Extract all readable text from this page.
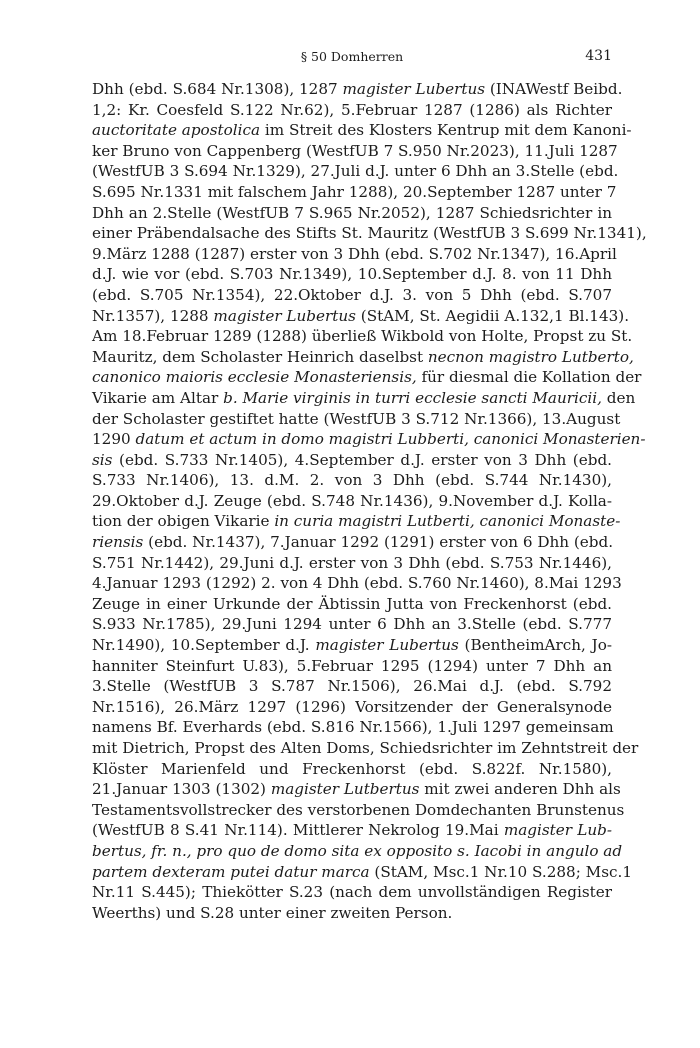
§ 50 Domherren	431
Dhh (ebd. S.684 Nr.1308), 1287 magister Lubertus (INAWestf Beibd.
1,2: Kr. Coesfeld S.122 Nr.62), 5.Februar 1287 (1286) als Richter
auctoritate apostolica im Streit des Klosters Kentrup mit dem Kanoni-
ker Bruno von Cappenberg (WestfUB 7 S.950 Nr.2023), 11.Juli 1287
(WestfUB 3 S.694 Nr.1329), 27.Juli d.J. unter 6 Dhh an 3.Stelle (ebd.
S.695 Nr.1331 mit falschem Jahr 1288), 20.September 1287 unter 7
Dhh an 2.Stelle (WestfUB 7 S.965 Nr.2052), 1287 Schiedsrichter in
einer Präbendalsache des Stifts St. Mauritz (WestfUB 3 S.699 Nr.1341),
9.März 1288 (1287) erster von 3 Dhh (ebd. S.702 Nr.1347), 16.April
d.J. wie vor (ebd. S.703 Nr.1349), 10.September d.J. 8. von 11 Dhh
(ebd. S.705 Nr.1354), 22.Oktober d.J. 3. von 5 Dhh (ebd. S.707
Nr.1357), 1288 magister Lubertus (StAM, St. Aegidii A.132,1 Bl.143).
Am 18.Februar 1289 (1288) überließ Wikbold von Holte, Propst zu St.
Mauritz, dem Scholaster Heinrich daselbst necnon magistro Lutberto,
canonico maioris ecclesie Monasteriensis, für diesmal die Kollation der
Vikarie am Altar b. Marie virginis in turri ecclesie sancti Mauricii, den
der Scholaster gestiftet hatte (WestfUB 3 S.712 Nr.1366), 13.August
1290 datum et actum in domo magistri Lubberti, canonici Monasterien-
sis (ebd. S.733 Nr.1405), 4.September d.J. erster von 3 Dhh (ebd.
S.733 Nr.1406), 13. d.M. 2. von 3 Dhh (ebd. S.744 Nr.1430),
29.Oktober d.J. Zeuge (ebd. S.748 Nr.1436), 9.November d.J. Kolla-
tion der obigen Vikarie in curia magistri Lutberti, canonici Monaste-
riensis (ebd. Nr.1437), 7.Januar 1292 (1291) erster von 6 Dhh (ebd.
S.751 Nr.1442), 29.Juni d.J. erster von 3 Dhh (ebd. S.753 Nr.1446),
4.Januar 1293 (1292) 2. von 4 Dhh (ebd. S.760 Nr.1460), 8.Mai 1293
Zeuge in einer Urkunde der Äbtissin Jutta von Freckenhorst (ebd.
S.933 Nr.1785), 29.Juni 1294 unter 6 Dhh an 3.Stelle (ebd. S.777
Nr.1490), 10.September d.J. magister Lubertus (BentheimArch, Jo-
hanniter Steinfurt U.83), 5.Februar 1295 (1294) unter 7 Dhh an
3.Stelle (WestfUB 3 S.787 Nr.1506), 26.Mai d.J. (ebd. S.792
Nr.1516), 26.März 1297 (1296) Vorsitzender der Generalsynode
namens Bf. Everhards (ebd. S.816 Nr.1566), 1.Juli 1297 gemeinsam
mit Dietrich, Propst des Alten Doms, Schiedsrichter im Zehntstreit der
Klöster Marienfeld und Freckenhorst (ebd. S.822f. Nr.1580),
21.Januar 1303 (1302) magister Lutbertus mit zwei anderen Dhh als
Testamentsvollstrecker des verstorbenen Domdechanten Brunstenus
(WestfUB 8 S.41 Nr.114). Mittlerer Nekrolog 19.Mai magister Lub-
bertus, fr. n., pro quo de domo sita ex opposito s. Iacobi in angulo ad
partem dexteram putei datur marca (StAM, Msc.1 Nr.10 S.288; Msc.1
Nr.11 S.445); Thiekötter S.23 (nach dem unvollständigen Register
Weerths) und S.28 unter einer zweiten Person.
